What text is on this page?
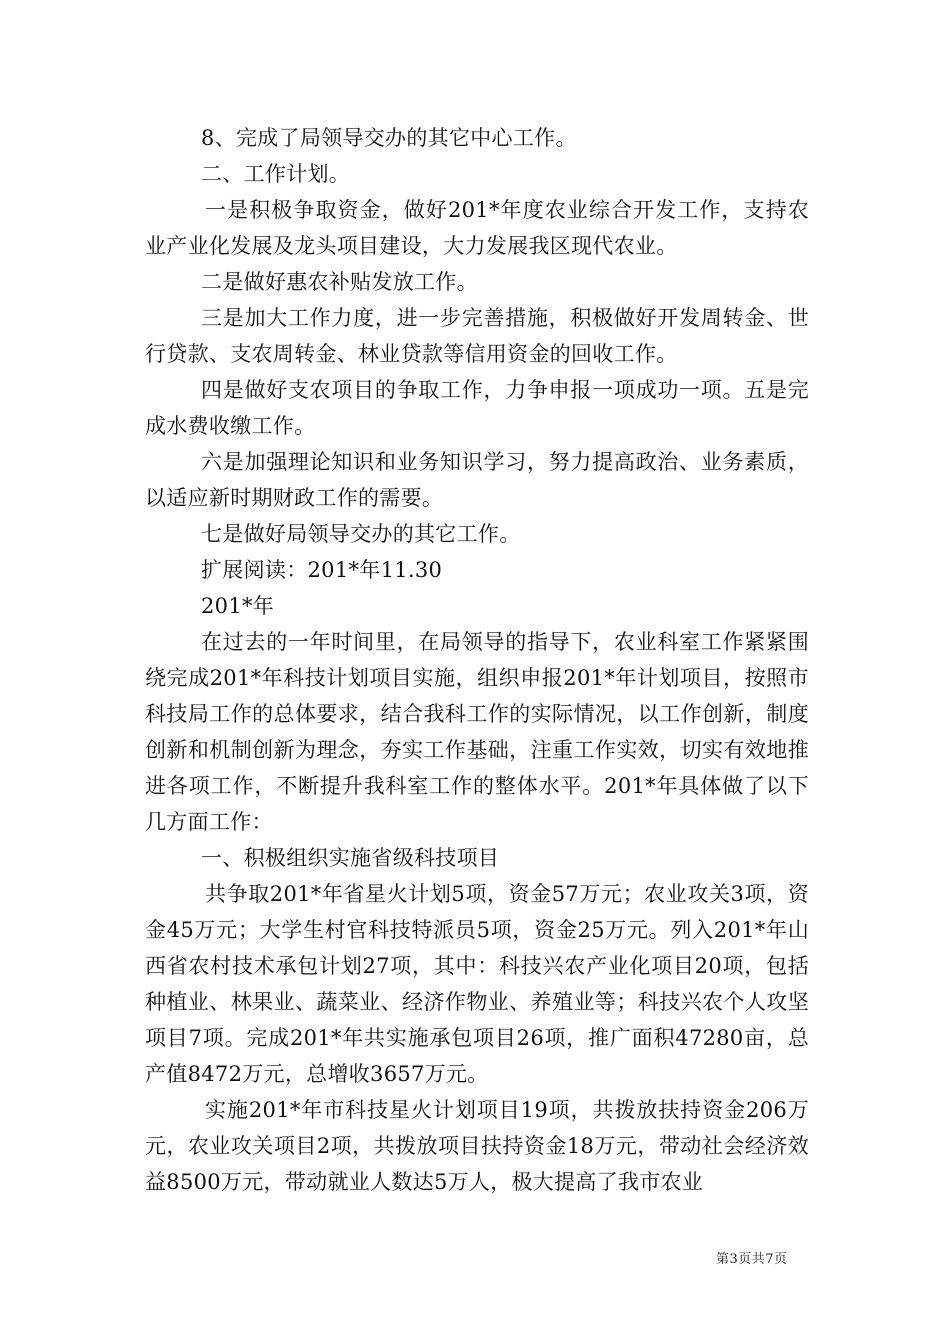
8、完成了局领导交办的其它中心工作。

二、工作计划。

一是积极争取资金，做好201*年度农业综合开发工作，支持农业产业化发展及龙头项目建设，大力发展我区现代农业。

二是做好惠农补贴发放工作。

三是加大工作力度，进一步完善措施，积极做好开发周转金、世行贷款、支农周转金、林业贷款等信用资金的回收工作。

四是做好支农项目的争取工作，力争申报一项成功一项。五是完成水费收缴工作。

六是加强理论知识和业务知识学习，努力提高政治、业务素质，以适应新时期财政工作的需要。

七是做好局领导交办的其它工作。

扩展阅读：201*年11.30

201*年

在过去的一年时间里，在局领导的指导下，农业科室工作紧紧围绕完成201*年科技计划项目实施，组织申报201*年计划项目，按照市科技局工作的总体要求，结合我科工作的实际情况，以工作创新，制度创新和机制创新为理念，夯实工作基础，注重工作实效，切实有效地推进各项工作，不断提升我科室工作的整体水平。201*年具体做了以下几方面工作：

一、积极组织实施省级科技项目

共争取201*年省星火计划5项，资金57万元；农业攻关3项，资金45万元；大学生村官科技特派员5项，资金25万元。列入201*年山西省农村技术承包计划27项，其中：科技兴农产业化项目20项，包括种植业、林果业、蔬菜业、经济作物业、养殖业等；科技兴农个人攻坚项目7项。完成201*年共实施承包项目26项，推广面积47280亩，总产值8472万元，总增收3657万元。

实施201*年市科技星火计划项目19项，共拨放扶持资金206万元，农业攻关项目2项，共拨放项目扶持资金18万元，带动社会经济效益8500万元，带动就业人数达5万人，极大提高了我市农业

第3页共7页
